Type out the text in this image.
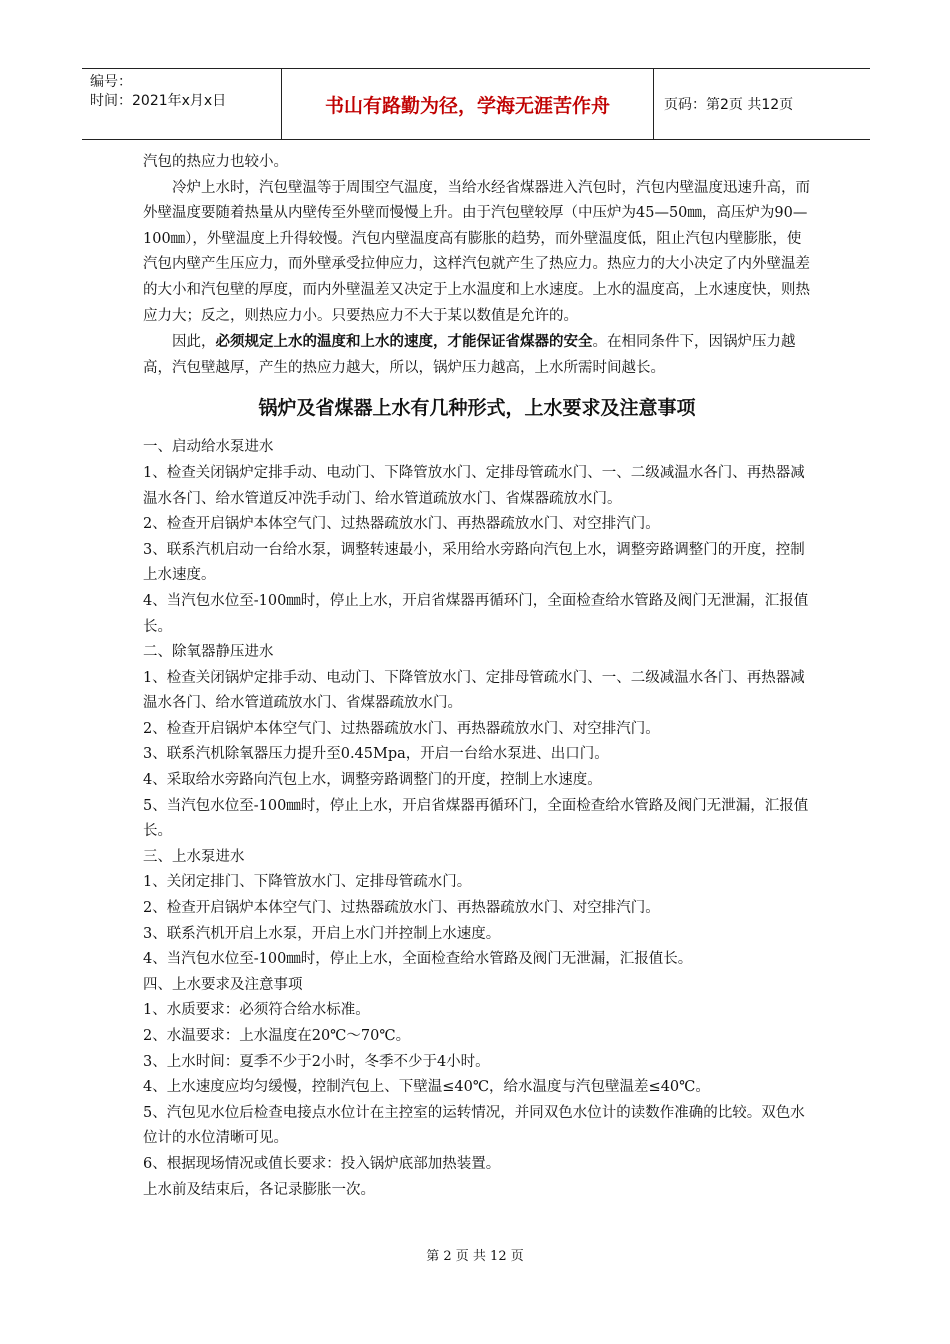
编号：
时间：2021年x月x日	书山有路勤为径，学海无涯苦作舟	页码：第2页 共12页

汽包的热应力也较小。

冷炉上水时，汽包壁温等于周围空气温度，当给水经省煤器进入汽包时，汽包内壁温度迅速升高，而外壁温度要随着热量从内壁传至外壁而慢慢上升。由于汽包壁较厚（中压炉为45—50㎜，高压炉为90—100㎜），外壁温度上升得较慢。汽包内壁温度高有膨胀的趋势，而外壁温度低，阻止汽包内壁膨胀，使汽包内壁产生压应力，而外壁承受拉伸应力，这样汽包就产生了热应力。热应力的大小决定了内外壁温差的大小和汽包壁的厚度，而内外壁温差又决定于上水温度和上水速度。上水的温度高，上水速度快，则热应力大；反之，则热应力小。只要热应力不大于某以数值是允许的。

因此，必须规定上水的温度和上水的速度，才能保证省煤器的安全。在相同条件下，因锅炉压力越高，汽包壁越厚，产生的热应力越大，所以，锅炉压力越高，上水所需时间越长。

锅炉及省煤器上水有几种形式，上水要求及注意事项

一、启动给水泵进水

1、检查关闭锅炉定排手动、电动门、下降管放水门、定排母管疏水门、一、二级减温水各门、再热器减温水各门、给水管道反冲洗手动门、给水管道疏放水门、省煤器疏放水门。

2、检查开启锅炉本体空气门、过热器疏放水门、再热器疏放水门、对空排汽门。

3、联系汽机启动一台给水泵，调整转速最小，采用给水旁路向汽包上水，调整旁路调整门的开度，控制上水速度。

4、当汽包水位至-100㎜时，停止上水，开启省煤器再循环门，全面检查给水管路及阀门无泄漏，汇报值长。

二、除氧器静压进水

1、检查关闭锅炉定排手动、电动门、下降管放水门、定排母管疏水门、一、二级减温水各门、再热器减温水各门、给水管道疏放水门、省煤器疏放水门。

2、检查开启锅炉本体空气门、过热器疏放水门、再热器疏放水门、对空排汽门。

3、联系汽机除氧器压力提升至0.45Mpa，开启一台给水泵进、出口门。

4、采取给水旁路向汽包上水，调整旁路调整门的开度，控制上水速度。

5、当汽包水位至-100㎜时，停止上水，开启省煤器再循环门，全面检查给水管路及阀门无泄漏，汇报值长。

三、上水泵进水

1、关闭定排门、下降管放水门、定排母管疏水门。

2、检查开启锅炉本体空气门、过热器疏放水门、再热器疏放水门、对空排汽门。

3、联系汽机开启上水泵，开启上水门并控制上水速度。

4、当汽包水位至-100㎜时，停止上水，全面检查给水管路及阀门无泄漏，汇报值长。

四、上水要求及注意事项

1、水质要求：必须符合给水标准。

2、水温要求：上水温度在20℃～70℃。

3、上水时间：夏季不少于2小时，冬季不少于4小时。

4、上水速度应均匀缓慢，控制汽包上、下壁温≤40℃，给水温度与汽包壁温差≤40℃。

5、汽包见水位后检查电接点水位计在主控室的运转情况，并同双色水位计的读数作准确的比较。双色水位计的水位清晰可见。

6、根据现场情况或值长要求：投入锅炉底部加热装置。

上水前及结束后，各记录膨胀一次。

第 2 页 共 12 页
